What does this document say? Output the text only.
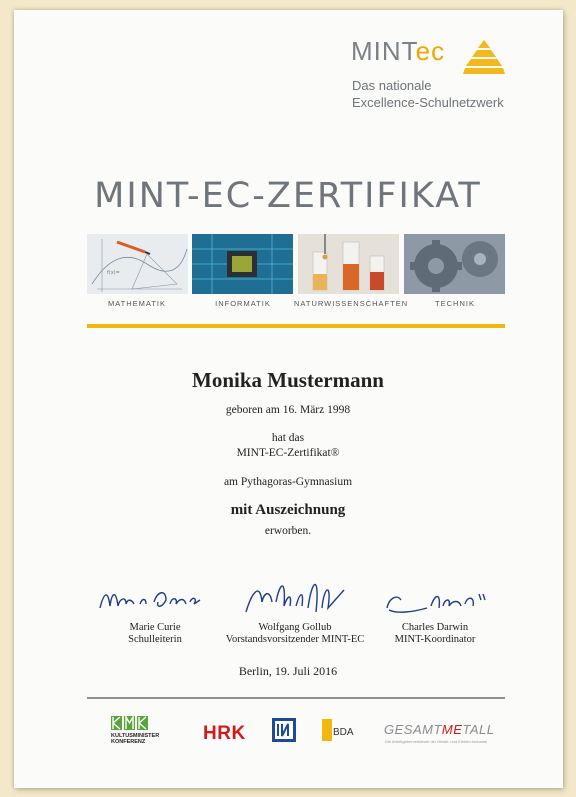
MINTec
Das nationale
Excellence-Schulnetzwerk
MINT-EC-ZERTIFIKAT
f(x)=
MATHEMATIK	INFORMATIK	NATURWISSENSCHAFTEN	TECHNIK
Monika Mustermann
geboren am 16. März 1998
hat das
MINT-EC-Zertifikat®
am Pythagoras-Gymnasium
mit Auszeichnung
erworben.
Marie Curie
Schulleiterin
Wolfgang Gollub
Vorstandsvorsitzender MINT-EC
Charles Darwin
MINT-Koordinator
Berlin, 19. Juli 2016
KULTUSMINISTER
KONFERENZ	HRK	BDA GESAMTMETALL
Die Arbeitgeberverbände der Metall- und Elektro-Industrie
